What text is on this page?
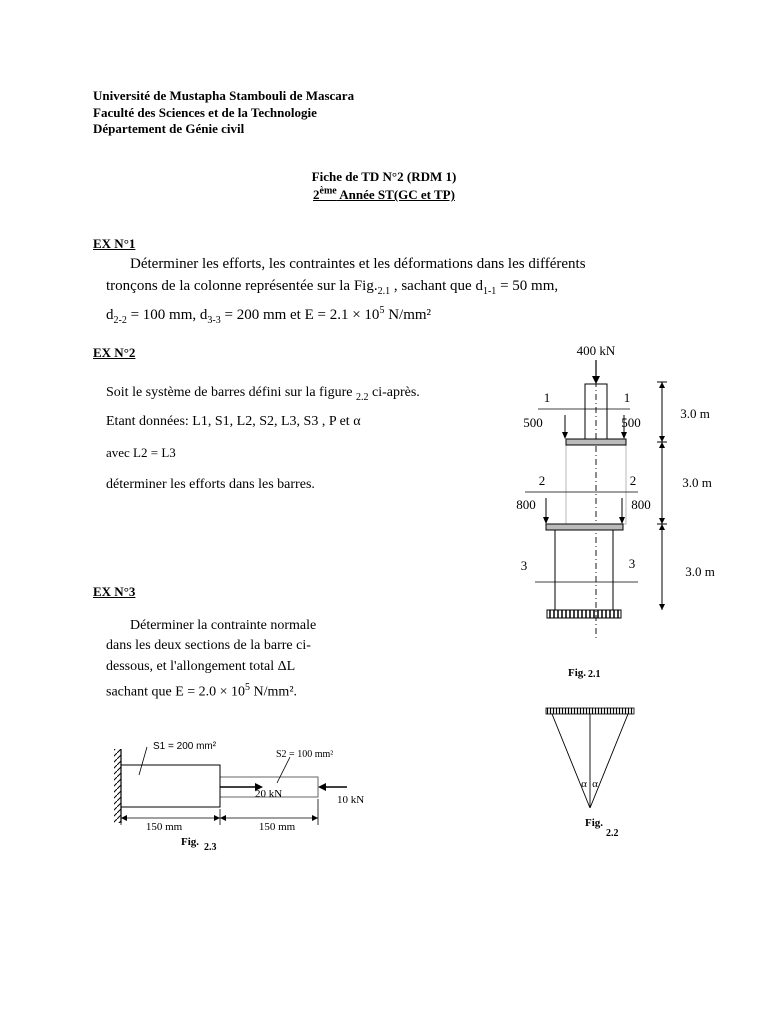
Université de Mustapha Stambouli de Mascara
Faculté des Sciences et de la Technologie
Département de Génie civil
Fiche de TD N°2 (RDM 1)
2ème Année ST(GC et TP)
EX N°1
Déterminer les efforts, les contraintes et les déformations dans les différents
tronçons de la colonne représentée sur la $Fig._{2.1}$ , sachant que $d_{1-1} = 50$ mm,
$d_{2-2} = 100$ mm, $d_{3-3} = 200$ mm et $E = 2.1 \times 10^5$ N/mm²
EX N°2
Soit le système de barres défini sur la figure $_{2.2}$ ci-après.
Etant données: L1, S1, L2, S2, L3, S3 , P et α
avec L2 = L3
déterminer les efforts dans les barres.
EX N°3
Déterminer la contrainte normale
dans les deux sections de la barre ci-
dessous, et l'allongement total ΔL
sachant que $E = 2.0 \times 10^5$ N/mm².
400 kN
1	1
500	500
2	2
800	800
3	3
3.0 m
3.0 m
3.0 m
Fig. 2.1
α α
Fig.
2.2
S1 = 200 mm²
S2 = 100 mm²
20 kN	10 kN
150 mm	150 mm
Fig. 2.3
